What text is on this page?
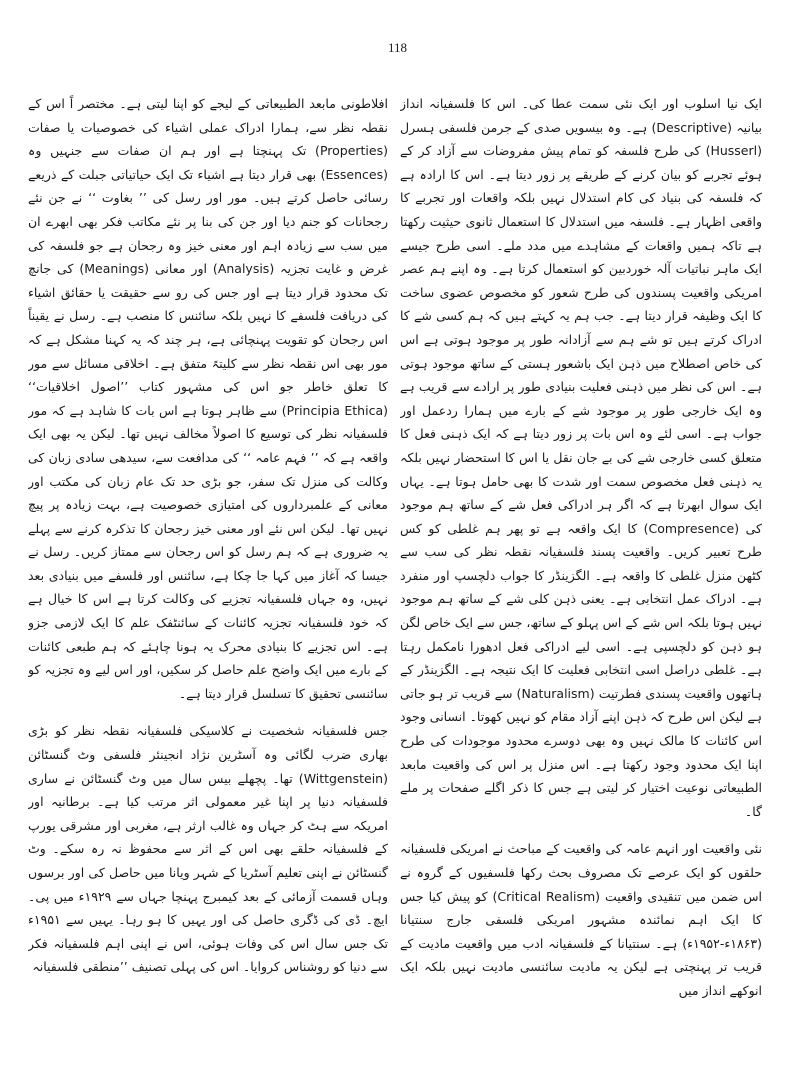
118

ایک نیا اسلوب اور ایک نئی سمت عطا کی۔ اس کا فلسفیانہ انداز بیانیہ (Descriptive) ہے۔ وہ بیسویں صدی کے جرمن فلسفی ہسرل (Husserl) کی طرح فلسفہ کو تمام پیش مفروضات سے آزاد کر کے ہوئے تجربے کو بیان کرنے کے طریقے پر زور دیتا ہے۔ اس کا ارادہ ہے کہ فلسفہ کی بنیاد کی کام استدلال نہیں بلکہ واقعات اور تجربے کا واقعی اظہار ہے۔ فلسفہ میں استدلال کا استعمال ثانوی حیثیت رکھتا ہے تاکہ ہمیں واقعات کے مشاہدے میں مدد ملے۔ اسی طرح جیسے ایک ماہر نباتیات آلہ خوردبین کو استعمال کرتا ہے۔ وہ اپنے ہم عصر امریکی واقعیت پسندوں کی طرح شعور کو مخصوص عضوی ساخت کا ایک وظیفہ قرار دیتا ہے۔ جب ہم یہ کہتے ہیں کہ ہم کسی شے کا ادراک کرتے ہیں تو شے ہم سے آزادانہ طور پر موجود ہوتی ہے اس کی خاص اصطلاح میں ذہن ایک باشعور ہستی کے ساتھ موجود ہوتی ہے۔ اس کی نظر میں ذہنی فعلیت بنیادی طور پر ارادے سے قریب ہے وہ ایک خارجی طور پر موجود شے کے بارے میں ہمارا ردعمل اور جواب ہے۔ اسی لئے وہ اس بات پر زور دیتا ہے کہ ایک ذہنی فعل کا متعلق کسی خارجی شے کی بے جان نقل یا اس کا استحضار نہیں بلکہ یہ ذہنی فعل مخصوص سمت اور شدت کا بھی حامل ہوتا ہے۔ یہاں ایک سوال ابھرتا ہے کہ اگر ہر ادراکی فعل شے کے ساتھ ہم موجود کی (Compresence) کا ایک واقعہ ہے تو پھر ہم غلطی کو کس طرح تعبیر کریں۔ واقعیت پسند فلسفیانہ نقطہ نظر کی سب سے کٹھن منزل غلطی کا واقعہ ہے۔ الگزینڈر کا جواب دلچسپ اور منفرد ہے۔ ادراک عمل انتخابی ہے۔ یعنی ذہن کلی شے کے ساتھ ہم موجود نہیں ہوتا بلکہ اس شے کے اس پہلو کے ساتھ، جس سے ایک خاص لگن ہو ذہن کو دلچسپی ہے۔ اسی لیے ادراکی فعل ادھورا نامکمل رہتا ہے۔ غلطی دراصل اسی انتخابی فعلیت کا ایک نتیجہ ہے۔ الگزینڈر کے ہاتھوں واقعیت پسندی فطرتیت (Naturalism) سے قریب تر ہو جاتی ہے لیکن اس طرح کہ ذہن اپنے آزاد مقام کو نہیں کھوتا۔ انسانی وجود اس کائنات کا مالک نہیں وہ بھی دوسرے محدود موجودات کی طرح اپنا ایک محدود وجود رکھتا ہے۔ اس منزل پر اس کی واقعیت مابعد الطبیعاتی نوعیت اختیار کر لیتی ہے جس کا ذکر اگلے صفحات پر ملے گا۔

نئی واقعیت اور انہم عامہ کی واقعیت کے مباحث نے امریکی فلسفیانہ حلقوں کو ایک عرصے تک مصروف بحث رکھا فلسفیوں کے گروہ نے اس ضمن میں تنقیدی واقعیت (Critical Realism) کو پیش کیا جس کا ایک اہم نمائندہ مشہور امریکی فلسفی جارج سنتیانا (۱۸۶۳ء-۱۹۵۲ء) ہے۔ سنتیانا کے فلسفیانہ ادب میں واقعیت مادیت کے قریب تر پہنچتی ہے لیکن یہ مادیت سائنسی مادیت نہیں بلکہ ایک انوکھے انداز میں

افلاطونی مابعد الطبیعاتی کے لیجے کو اپنا لیتی ہے۔ مختصر اً اس کے نقطہ نظر سے، ہمارا ادراک عملی اشیاء کی خصوصیات یا صفات (Properties) تک پہنچتا ہے اور ہم ان صفات سے جنہیں وہ (Essences) بھی قرار دیتا ہے اشیاء تک ایک حیاتیاتی جبلت کے ذریعے رسائی حاصل کرتے ہیں۔ مور اور رسل کی ’’ بغاوت ‘‘ نے جن نئے رجحانات کو جنم دیا اور جن کی بنا پر نئے مکاتب فکر بھی ابھرے ان میں سب سے زیادہ اہم اور معنی خیز وہ رجحان ہے جو فلسفہ کی غرض و غایت تجزیہ (Analysis) اور معانی (Meanings) کی جانچ تک محدود قرار دیتا ہے اور جس کی رو سے حقیقت یا حقائق اشیاء کی دریافت فلسفے کا نہیں بلکہ سائنس کا منصب ہے۔ رسل نے یقیناً اس رجحان کو تقویت پہنچائی ہے، ہر چند کہ یہ کہنا مشکل ہے کہ مور بھی اس نقطہ نظر سے کلیتہً متفق ہے۔ اخلاقی مسائل سے مور کا تعلق خاطر جو اس کی مشہور کتاب ’’اصول اخلاقیات‘‘ (Principia Ethica) سے ظاہر ہوتا ہے اس بات کا شاہد ہے کہ مور فلسفیانہ نظر کی توسیع کا اصولاً مخالف نہیں تھا۔ لیکن یہ بھی ایک واقعہ ہے کہ ’’ فہم عامہ ‘‘ کی مدافعت سے، سیدھی سادی زبان کی وکالت کی منزل تک سفر، جو بڑی حد تک عام زبان کی مکتب اور معانی کے علمبرداروں کی امتیازی خصوصیت ہے، بہت زیادہ پر پیچ نہیں تھا۔ لیکن اس نئے اور معنی خیز رجحان کا تذکرہ کرنے سے پہلے یہ ضروری ہے کہ ہم رسل کو اس رجحان سے ممتاز کریں۔ رسل نے جیسا کہ آغاز میں کہا جا چکا ہے، سائنس اور فلسفے میں بنیادی بعد نہیں، وہ جہاں فلسفیانہ تجزیے کی وکالت کرتا ہے اس کا خیال ہے کہ خود فلسفیانہ تجزیہ کائنات کے سائنٹفک علم کا ایک لازمی جزو ہے۔ اس تجزیے کا بنیادی محرک یہ ہونا چاہئے کہ ہم طبعی کائنات کے بارے میں ایک واضح علم حاصل کر سکیں، اور اس لیے وہ تجزیہ کو سائنسی تحقیق کا تسلسل قرار دیتا ہے۔

جس فلسفیانہ شخصیت نے کلاسیکی فلسفیانہ نقطہ نظر کو بڑی بھاری ضرب لگائی وہ آسٹرین نژاد انجینئر فلسفی وٹ گنسٹائن (Wittgenstein) تھا۔ پچھلے بیس سال میں وٹ گنسٹائن نے ساری فلسفیانہ دنیا پر اپنا غیر معمولی اثر مرتب کیا ہے۔ برطانیہ اور امریکہ سے ہٹ کر جہاں وہ غالب ارثر ہے، مغربی اور مشرقی یورپ کے فلسفیانہ حلقے بھی اس کے اثر سے محفوظ نہ رہ سکے۔ وٹ گنسٹائن نے اپنی تعلیم آسٹریا کے شہر ویانا میں حاصل کی اور برسوں وہاں قسمت آزمائی کے بعد کیمبرج پہنچا جہاں سے ۱۹۲۹ء میں پی۔ ایچ۔ ڈی کی ڈگری حاصل کی اور یہیں کا ہو رہا۔ یہیں سے ۱۹۵۱ء تک جس سال اس کی وفات ہوئی، اس نے اپنی اہم فلسفیانہ فکر سے دنیا کو روشناس کروایا۔ اس کی پہلی تصنیف ’’منطقی فلسفیانہ
